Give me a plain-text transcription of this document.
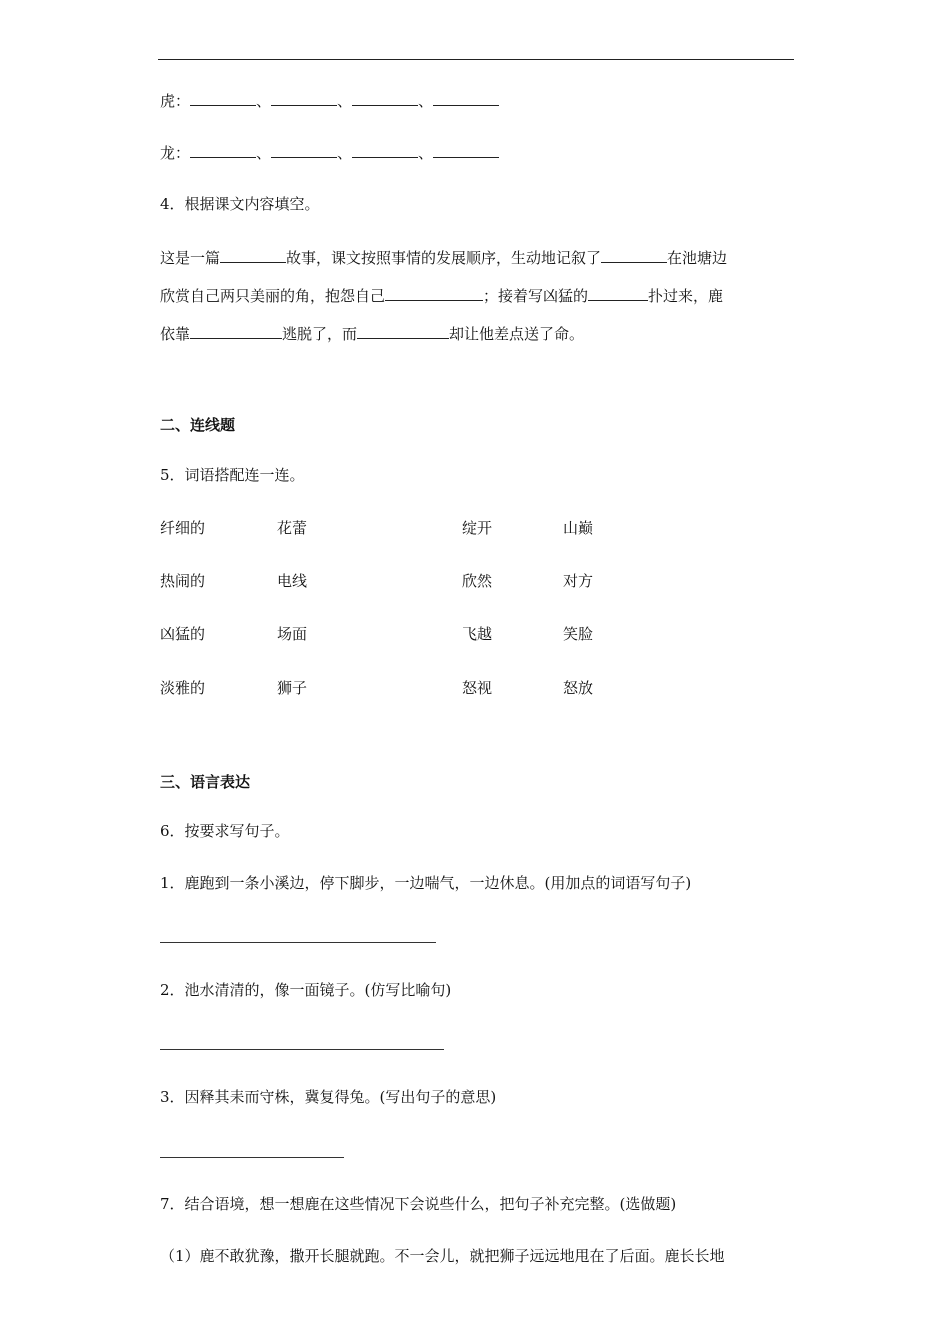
虎：	、	、	、
龙：	、	、	、
4．根据课文内容填空。
这是一篇	故事，课文按照事情的发展顺序，生动地记叙了	在池塘边
欣赏自己两只美丽的角，抱怨自己	；接着写凶猛的	扑过来，鹿
依靠	逃脱了，而	却让他差点送了命。
二、连线题
5．词语搭配连一连。
纤细的	花蕾	绽开	山巅
热闹的	电线	欣然	对方
凶猛的	场面	飞越	笑脸
淡雅的	狮子	怒视	怒放
三、语言表达
6．按要求写句子。
1．鹿跑到一条小溪边，停下脚步，一边喘气，一边休息。(用加点的词语写句子)
2．池水清清的，像一面镜子。(仿写比喻句)
3．因释其耒而守株，冀复得兔。(写出句子的意思)
7．结合语境，想一想鹿在这些情况下会说些什么，把句子补充完整。(选做题)
（1）鹿不敢犹豫，撒开长腿就跑。不一会儿，就把狮子远远地甩在了后面。鹿长长地
